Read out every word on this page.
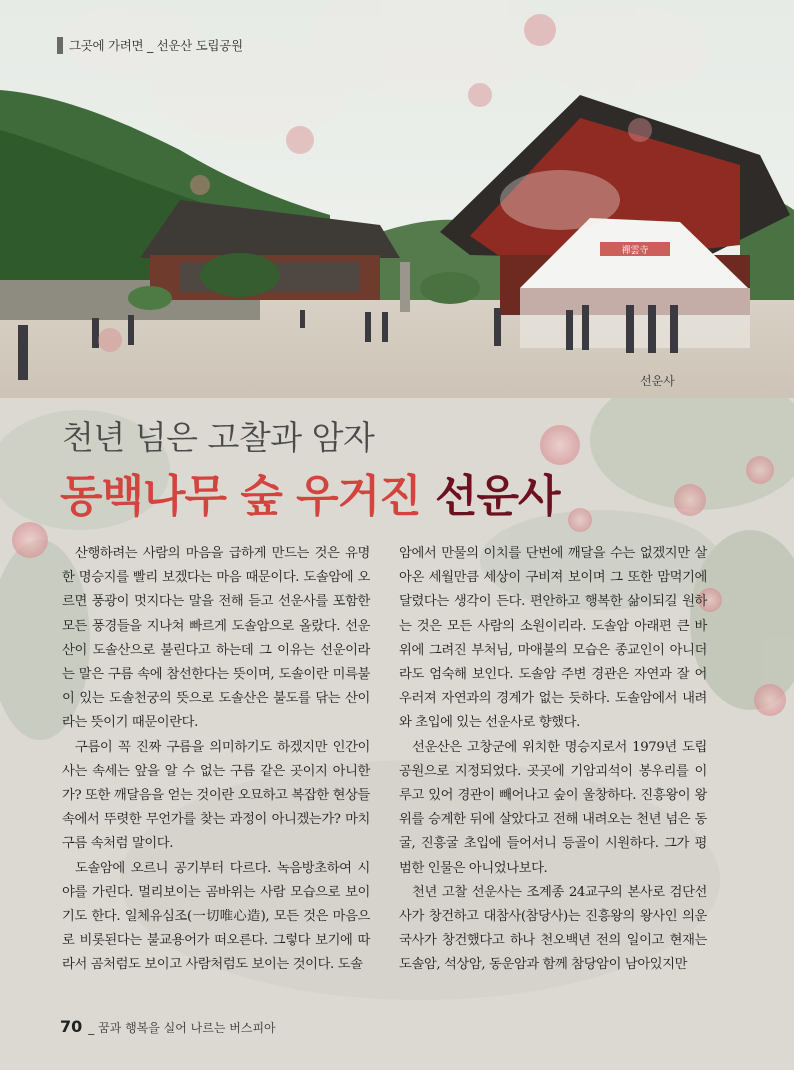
禪雲寺
그곳에 가려면 _ 선운산 도립공원
선운사
천년 넘은 고찰과 암자
동백나무 숲 우거진 선운사

산행하려는 사람의 마음을 급하게 만드는 것은 유명한 명승지를 빨리 보겠다는 마음 때문이다. 도솔암에 오르면 풍광이 멋지다는 말을 전해 듣고 선운사를 포함한 모든 풍경들을 지나쳐 빠르게 도솔암으로 올랐다. 선운산이 도솔산으로 불린다고 하는데 그 이유는 선운이라는 말은 구름 속에 참선한다는 뜻이며, 도솔이란 미륵불이 있는 도솔천궁의 뜻으로 도솔산은 불도를 닦는 산이라는 뜻이기 때문이란다.

구름이 꼭 진짜 구름을 의미하기도 하겠지만 인간이 사는 속세는 앞을 알 수 없는 구름 같은 곳이지 아니한가? 또한 깨달음을 얻는 것이란 오묘하고 복잡한 현상들속에서 뚜렷한 무언가를 찾는 과정이 아니겠는가? 마치 구름 속처럼 말이다.

도솔암에 오르니 공기부터 다르다. 녹음방초하여 시야를 가린다. 멀리보이는 곰바위는 사람 모습으로 보이기도 한다. 일체유심조(一切唯心造), 모든 것은 마음으로 비롯된다는 불교용어가 떠오른다. 그렇다 보기에 따라서 곰처럼도 보이고 사람처럼도 보이는 것이다. 도솔

암에서 만물의 이치를 단번에 깨달을 수는 없겠지만 살아온 세월만큼 세상이 구비져 보이며 그 또한 맘먹기에 달렸다는 생각이 든다. 편안하고 행복한 삶이되길 원하는 것은 모든 사람의 소원이리라. 도솔암 아래편 큰 바위에 그려진 부처님, 마애불의 모습은 종교인이 아니더라도 엄숙해 보인다. 도솔암 주변 경관은 자연과 잘 어우러져 자연과의 경계가 없는 듯하다. 도솔암에서 내려와 초입에 있는 선운사로 향했다.

선운산은 고창군에 위치한 명승지로서 1979년 도립공원으로 지정되었다. 곳곳에 기암괴석이 봉우리를 이루고 있어 경관이 빼어나고 숲이 울창하다. 진흥왕이 왕위를 승계한 뒤에 살았다고 전해 내려오는 천년 넘은 동굴, 진흥굴 초입에 들어서니 등골이 시원하다. 그가 평범한 인물은 아니었나보다.

천년 고찰 선운사는 조계종 24교구의 본사로 검단선사가 창건하고 대참사(참당사)는 진흥왕의 왕사인 의운국사가 창건했다고 하나 천오백년 전의 일이고 현재는 도솔암, 석상암, 동운암과 함께 참당암이 남아있지만

70 _ 꿈과 행복을 실어 나르는 버스피아
